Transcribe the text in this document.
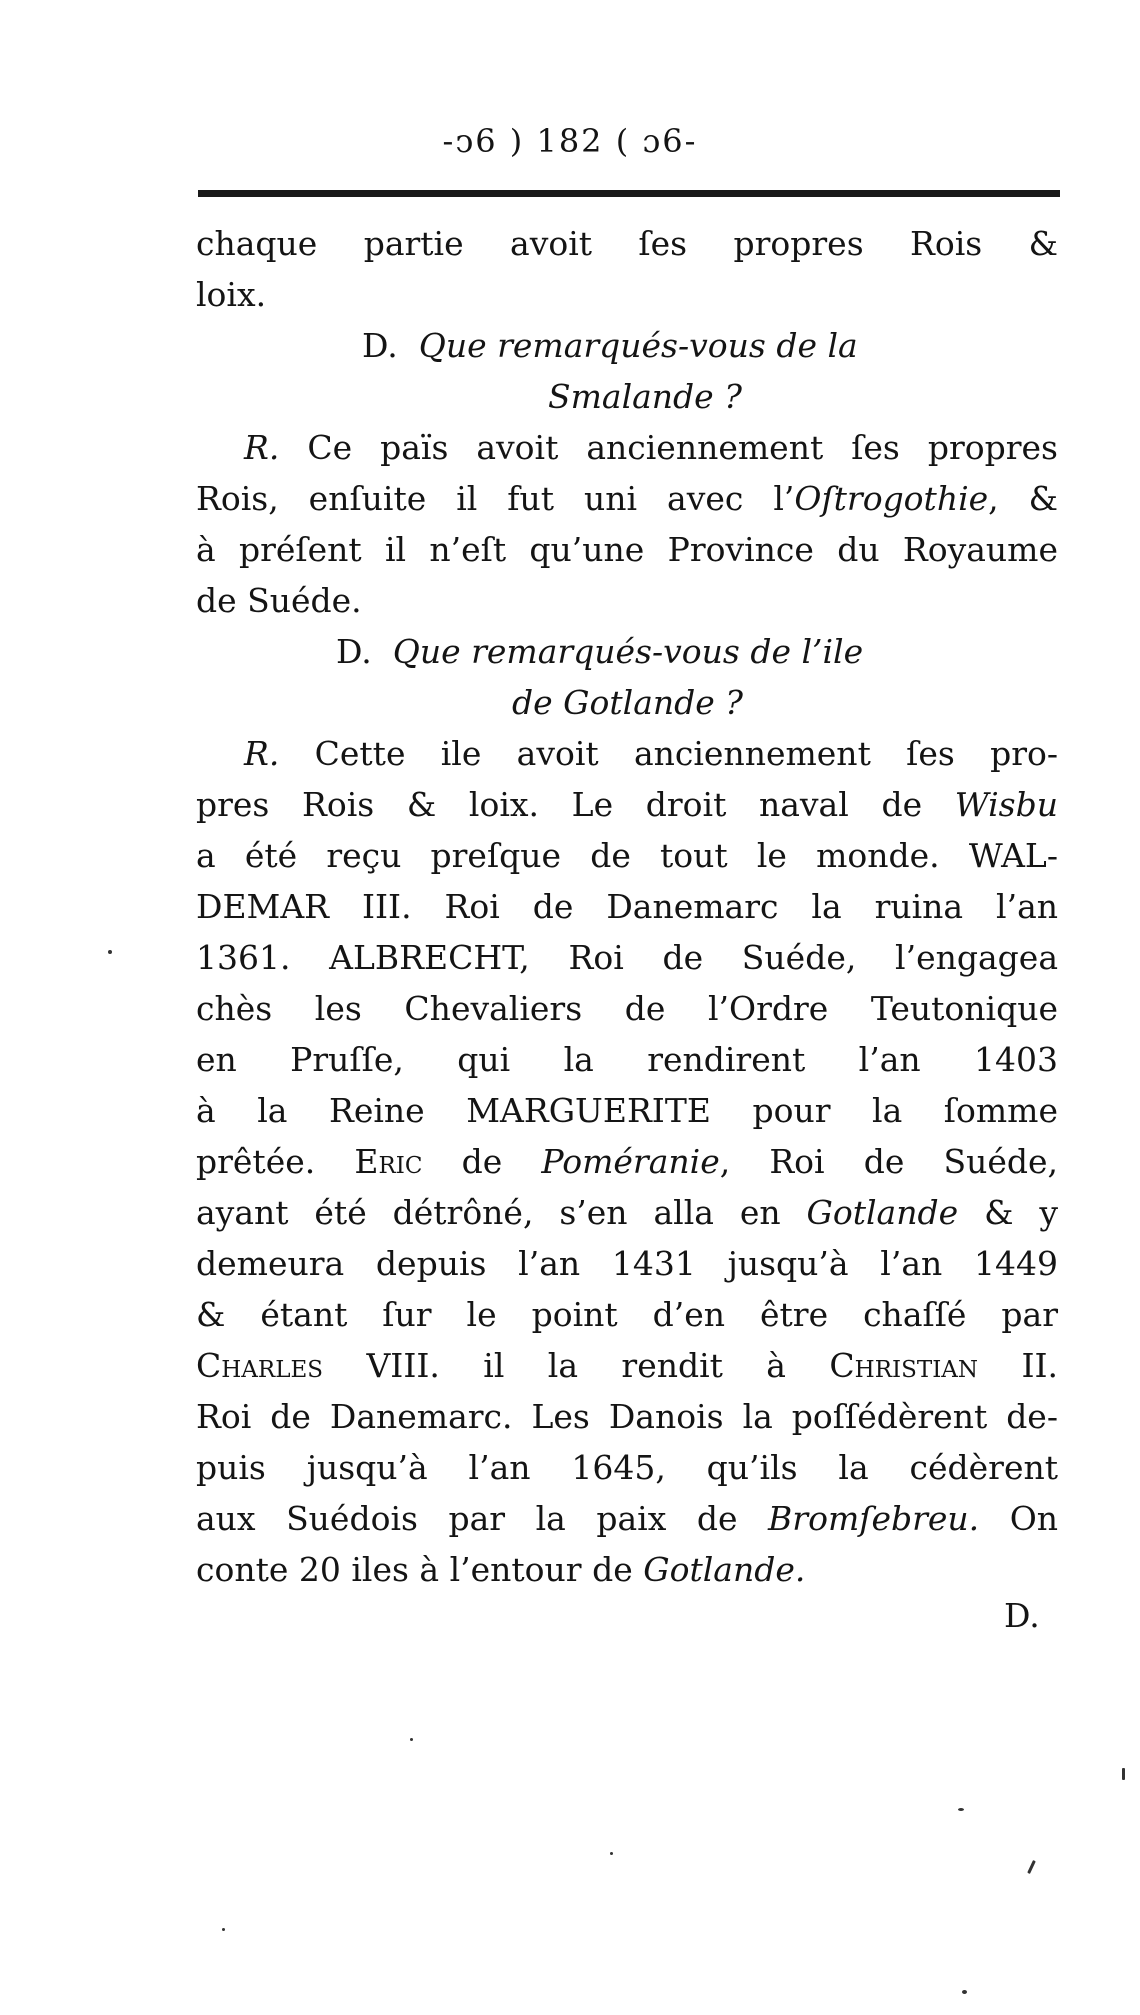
-ↄ6 ) 182 ( ɔ6-
chaque partie avoit ſes propres Rois &
loix.
D. Que remarqués-vous de la
Smalande ?
R. Ce païs avoit anciennement ſes propres
Rois, enſuite il fut uni avec l’Oſtrogothie, &
à préſent il n’eſt qu’une Province du Royaume
de Suéde.
D. Que remarqués-vous de l’ile
de Gotlande ?
R. Cette ile avoit anciennement ſes pro-
pres Rois & loix. Le droit naval de Wisbu
a été reçu preſque de tout le monde. WAL-
DEMAR III. Roi de Danemarc la ruina l’an
1361. ALBRECHT, Roi de Suéde, l’engagea
chès les Chevaliers de l’Ordre Teutonique
en Pruſſe, qui la rendirent l’an 1403
à la Reine MARGUERITE pour la ſomme
prêtée. Eric de Poméranie, Roi de Suéde,
ayant été détrôné, s’en alla en Gotlande & y
demeura depuis l’an 1431 jusqu’à l’an 1449
& étant ſur le point d’en être chaſſé par
Charles VIII. il la rendit à Christian II.
Roi de Danemarc. Les Danois la poſſédèrent de-
puis jusqu’à l’an 1645, qu’ils la cédèrent
aux Suédois par la paix de Bromſebreu. On
conte 20 iles à l’entour de Gotlande.
D.
